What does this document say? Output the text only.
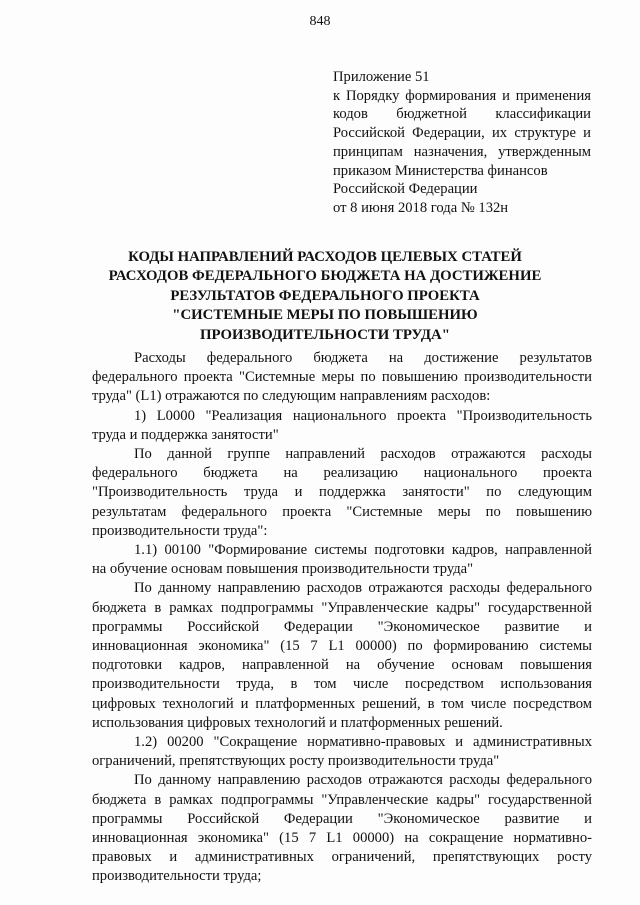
848
Приложение 51
к Порядку формирования и применения
кодов бюджетной классификации
Российской Федерации, их структуре и
принципам назначения, утвержденным
приказом Министерства финансов
Российской Федерации
от 8 июня 2018 года № 132н
КОДЫ НАПРАВЛЕНИЙ РАСХОДОВ ЦЕЛЕВЫХ СТАТЕЙ
РАСХОДОВ ФЕДЕРАЛЬНОГО БЮДЖЕТА НА ДОСТИЖЕНИЕ
РЕЗУЛЬТАТОВ ФЕДЕРАЛЬНОГО ПРОЕКТА
"СИСТЕМНЫЕ МЕРЫ ПО ПОВЫШЕНИЮ
ПРОИЗВОДИТЕЛЬНОСТИ ТРУДА"
Расходы федерального бюджета на достижение результатов
федерального проекта "Системные меры по повышению производительности
труда" (L1) отражаются по следующим направлениям расходов:
1) L0000 "Реализация национального проекта "Производительность
труда и поддержка занятости"
По данной группе направлений расходов отражаются расходы
федерального бюджета на реализацию национального проекта
"Производительность труда и поддержка занятости" по следующим
результатам федерального проекта "Системные меры по повышению
производительности труда":
1.1) 00100 "Формирование системы подготовки кадров, направленной
на обучение основам повышения производительности труда"
По данному направлению расходов отражаются расходы федерального
бюджета в рамках подпрограммы "Управленческие кадры" государственной
программы Российской Федерации "Экономическое развитие и
инновационная экономика" (15 7 L1 00000) по формированию системы
подготовки кадров, направленной на обучение основам повышения
производительности труда, в том числе посредством использования
цифровых технологий и платформенных решений, в том числе посредством
использования цифровых технологий и платформенных решений.
1.2) 00200 "Сокращение нормативно-правовых и административных
ограничений, препятствующих росту производительности труда"
По данному направлению расходов отражаются расходы федерального
бюджета в рамках подпрограммы "Управленческие кадры" государственной
программы Российской Федерации "Экономическое развитие и
инновационная экономика" (15 7 L1 00000) на сокращение нормативно-
правовых и административных ограничений, препятствующих росту
производительности труда;
